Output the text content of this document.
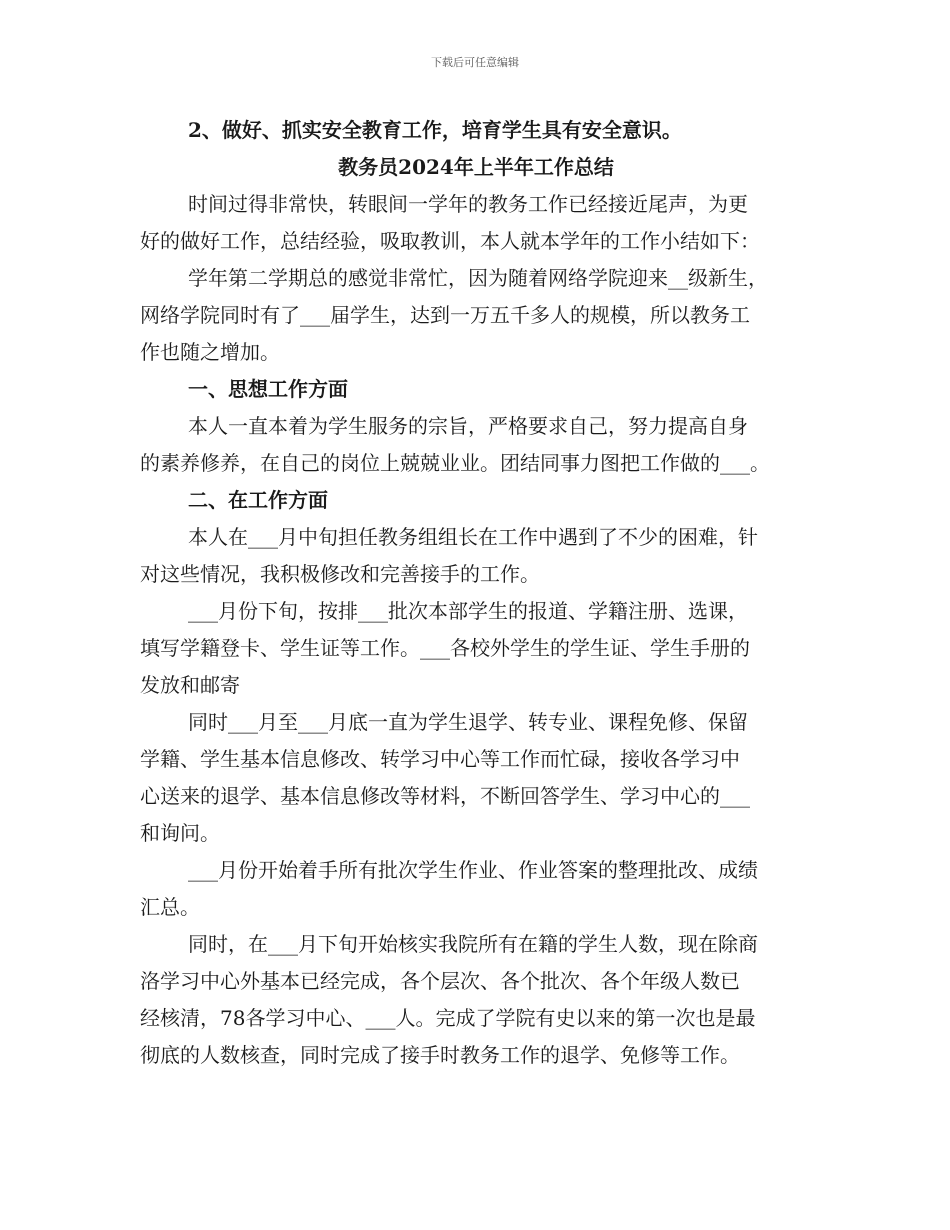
下载后可任意编辑
2、做好、抓实安全教育工作，培育学生具有安全意识。
教务员2024年上半年工作总结
时间过得非常快，转眼间一学年的教务工作已经接近尾声，为更
好的做好工作，总结经验，吸取教训，本人就本学年的工作小结如下：
学年第二学期总的感觉非常忙，因为随着网络学院迎来__级新生，
网络学院同时有了___届学生，达到一万五千多人的规模，所以教务工
作也随之增加。
一、思想工作方面
本人一直本着为学生服务的宗旨，严格要求自己，努力提高自身
的素养修养，在自己的岗位上兢兢业业。团结同事力图把工作做的___。
二、在工作方面
本人在___月中旬担任教务组组长在工作中遇到了不少的困难，针
对这些情况，我积极修改和完善接手的工作。
___月份下旬，按排___批次本部学生的报道、学籍注册、选课，
填写学籍登卡、学生证等工作。___各校外学生的学生证、学生手册的
发放和邮寄
同时___月至___月底一直为学生退学、转专业、课程免修、保留
学籍、学生基本信息修改、转学习中心等工作而忙碌，接收各学习中
心送来的退学、基本信息修改等材料，不断回答学生、学习中心的___
和询问。
___月份开始着手所有批次学生作业、作业答案的整理批改、成绩
汇总。
同时，在___月下旬开始核实我院所有在籍的学生人数，现在除商
洛学习中心外基本已经完成，各个层次、各个批次、各个年级人数已
经核清，78各学习中心、___人。完成了学院有史以来的第一次也是最
彻底的人数核查，同时完成了接手时教务工作的退学、免修等工作。
